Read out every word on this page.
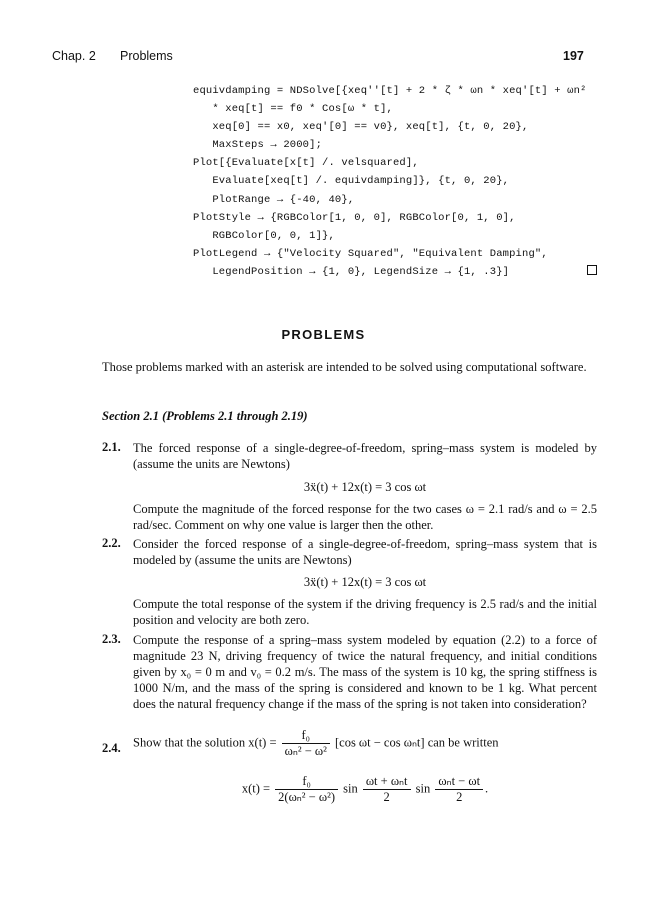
Chap. 2 Problems	197
equivdamping = NDSolve[{xeq''[t] + 2 * ζ * ωn * xeq'[t] + ωn²
* xeq[t] == f0 * Cos[ω * t],
xeq[0] == x0, xeq'[0] == v0}, xeq[t], {t, 0, 20},
MaxSteps → 2000];
Plot[{Evaluate[x[t] /. velsquared],
Evaluate[xeq[t] /. equivdamping]}, {t, 0, 20},
PlotRange → {-40, 40},
PlotStyle → {RGBColor[1, 0, 0], RGBColor[0, 1, 0],
RGBColor[0, 0, 1]},
PlotLegend → {"Velocity Squared", "Equivalent Damping",
LegendPosition → {1, 0}, LegendSize → {1, .3}]
PROBLEMS
Those problems marked with an asterisk are intended to be solved using computational software.
Section 2.1 (Problems 2.1 through 2.19)
2.1. The forced response of a single-degree-of-freedom, spring–mass system is modeled by (assume the units are Newtons)
3ẍ(t) + 12x(t) = 3 cos ωt
Compute the magnitude of the forced response for the two cases ω = 2.1 rad/s and ω = 2.5 rad/sec. Comment on why one value is larger then the other.
2.2. Consider the forced response of a single-degree-of-freedom, spring–mass system that is modeled by (assume the units are Newtons)
3ẍ(t) + 12x(t) = 3 cos ωt
Compute the total response of the system if the driving frequency is 2.5 rad/s and the initial position and velocity are both zero.
2.3. Compute the response of a spring–mass system modeled by equation (2.2) to a force of magnitude 23 N, driving frequency of twice the natural frequency, and initial conditions given by x₀ = 0 m and v₀ = 0.2 m/s. The mass of the system is 10 kg, the spring stiffness is 1000 N/m, and the mass of the spring is considered and known to be 1 kg. What percent does the natural frequency change if the mass of the spring is not taken into consideration?
2.4. Show that the solution $x(t) = \frac{\text{f₀}}{\text{ωₙ² − ω²}} [\cos$ ωt − cos ωₙt] can be written
$x(t) = \frac{\text{f₀}}{\text{2(ωₙ² − ω²)}}$ $\sin \frac{\text{ωt + ωₙt}}{2}$ $\sin \frac{\text{ωₙt − ωt}}{2}$ .
